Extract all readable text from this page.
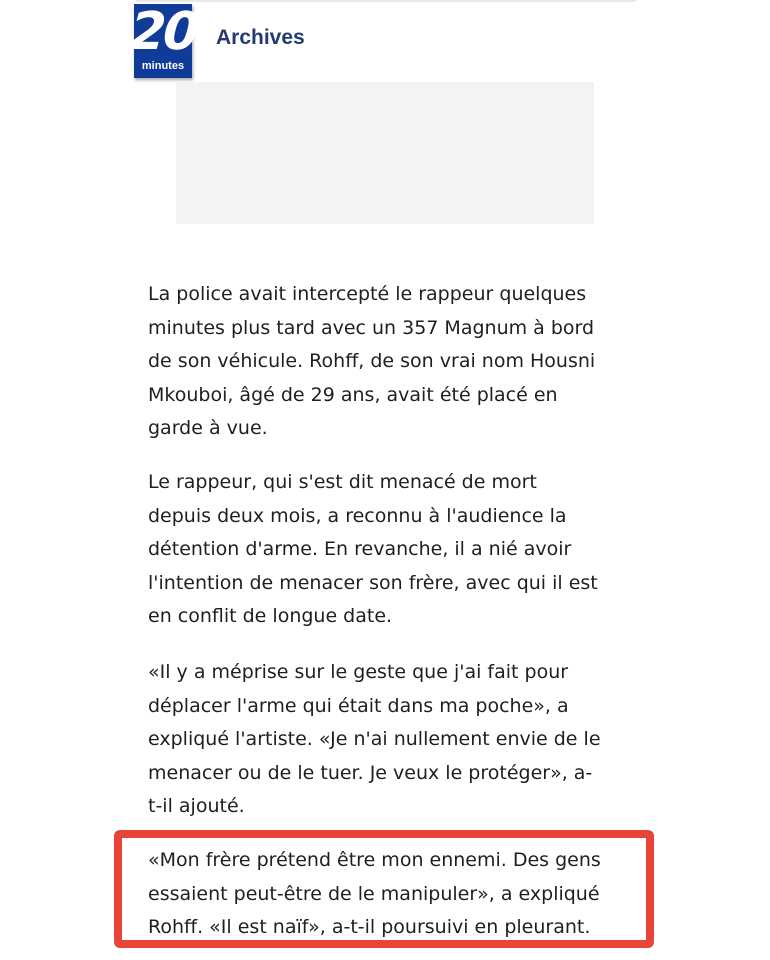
20
minutes
Archives

La police avait intercepté le rappeur quelques
minutes plus tard avec un 357 Magnum à bord
de son véhicule. Rohff, de son vrai nom Housni
Mkouboi, âgé de 29 ans, avait été placé en
garde à vue.

Le rappeur, qui s'est dit menacé de mort
depuis deux mois, a reconnu à l'audience la
détention d'arme. En revanche, il a nié avoir
l'intention de menacer son frère, avec qui il est
en conflit de longue date.

«Il y a méprise sur le geste que j'ai fait pour
déplacer l'arme qui était dans ma poche», a
expliqué l'artiste. «Je n'ai nullement envie de le
menacer ou de le tuer. Je veux le protéger», a-
t-il ajouté.

«Mon frère prétend être mon ennemi. Des gens
essaient peut-être de le manipuler», a expliqué
Rohff. «Il est naïf», a-t-il poursuivi en pleurant.
